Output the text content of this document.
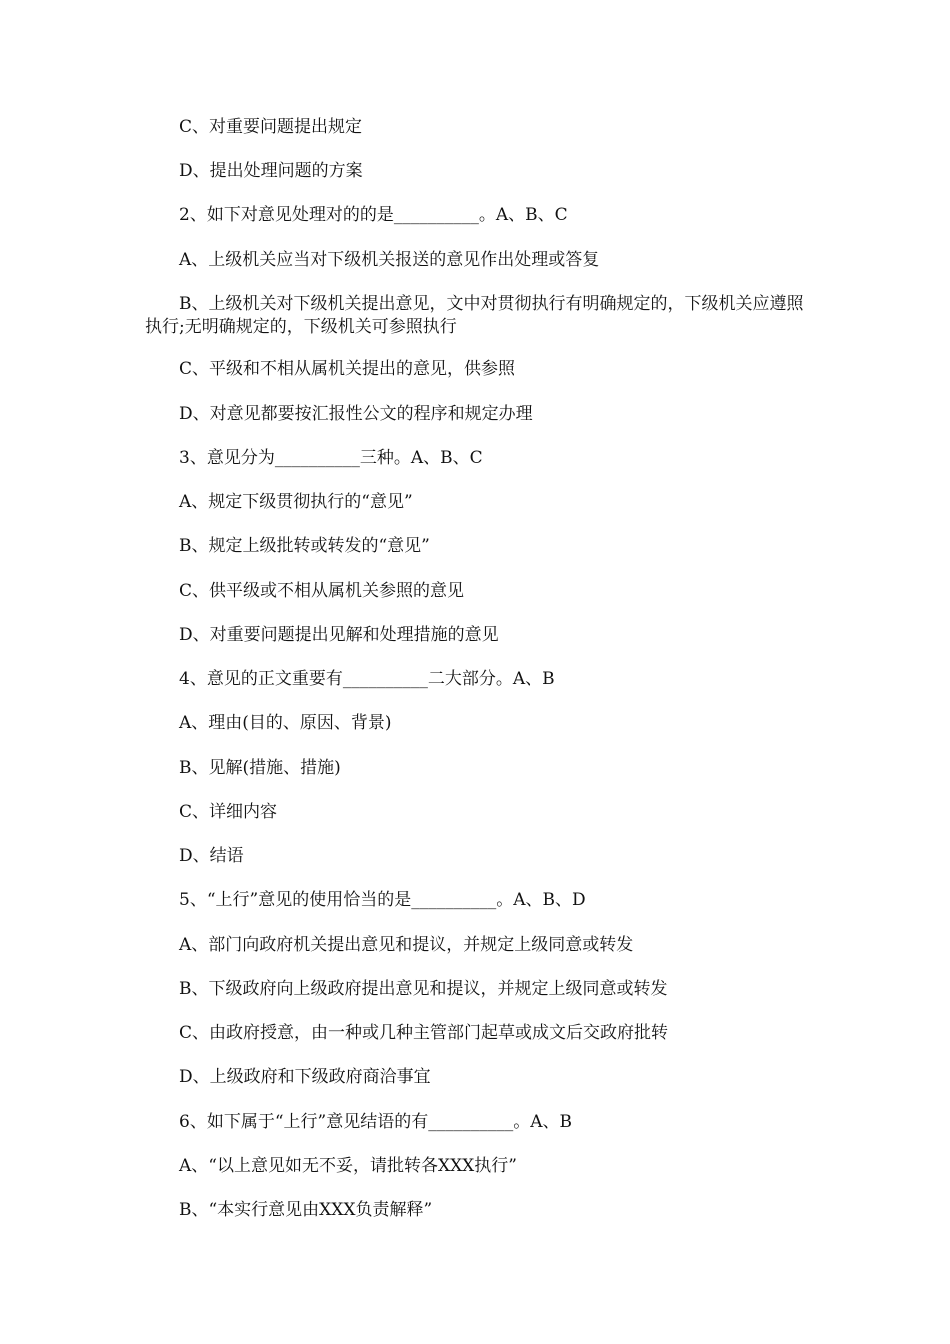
C、对重要问题提出规定

D、提出处理问题的方案

2、如下对意见处理对的的是__________。A、B、C

A、上级机关应当对下级机关报送的意见作出处理或答复

B、上级机关对下级机关提出意见，文中对贯彻执行有明确规定的，下级机关应遵照执行;无明确规定的，下级机关可参照执行

C、平级和不相从属机关提出的意见，供参照

D、对意见都要按汇报性公文的程序和规定办理

3、意见分为__________三种。A、B、C

A、规定下级贯彻执行的“意见”

B、规定上级批转或转发的“意见”

C、供平级或不相从属机关参照的意见

D、对重要问题提出见解和处理措施的意见

4、意见的正文重要有__________二大部分。A、B

A、理由(目的、原因、背景)

B、见解(措施、措施)

C、详细内容

D、结语

5、“上行”意见的使用恰当的是__________。A、B、D

A、部门向政府机关提出意见和提议，并规定上级同意或转发

B、下级政府向上级政府提出意见和提议，并规定上级同意或转发

C、由政府授意，由一种或几种主管部门起草或成文后交政府批转

D、上级政府和下级政府商洽事宜

6、如下属于“上行”意见结语的有__________。A、B

A、“以上意见如无不妥，请批转各XXX执行”

B、“本实行意见由XXX负责解释”
